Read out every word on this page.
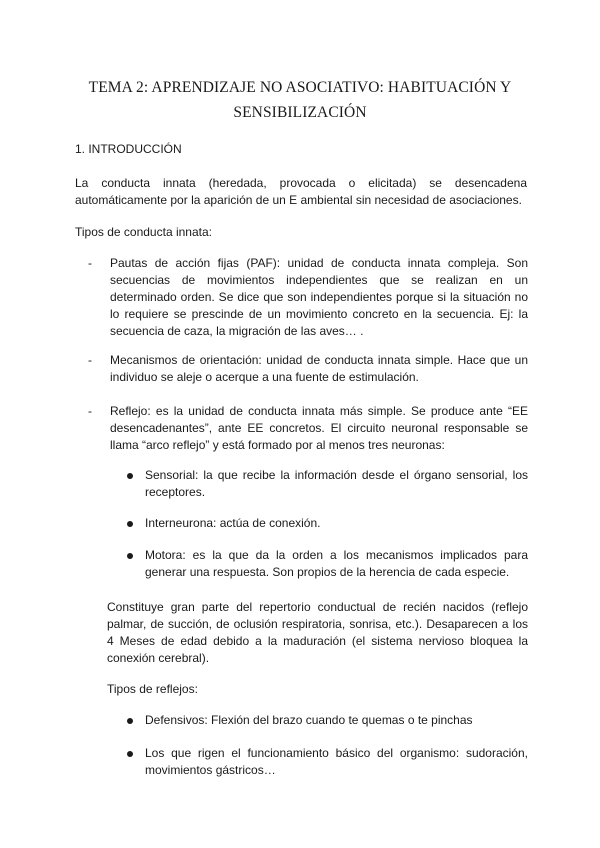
TEMA 2: APRENDIZAJE NO ASOCIATIVO: HABITUACIÓN Y
SENSIBILIZACIÓN
1. INTRODUCCIÓN
La conducta innata (heredada, provocada o elicitada) se desencadena automáticamente por la aparición de un E ambiental sin necesidad de asociaciones.
Tipos de conducta innata:
-	Pautas de acción fijas (PAF): unidad de conducta innata compleja. Son secuencias de movimientos independientes que se realizan en un determinado orden. Se dice que son independientes porque si la situación no lo requiere se prescinde de un movimiento concreto en la secuencia. Ej: la secuencia de caza, la migración de las aves… .
-	Mecanismos de orientación: unidad de conducta innata simple. Hace que un individuo se aleje o acerque a una fuente de estimulación.
-	Reflejo: es la unidad de conducta innata más simple. Se produce ante “EE desencadenantes”, ante EE concretos. El circuito neuronal responsable se llama “arco reflejo” y está formado por al menos tres neuronas:
Sensorial: la que recibe la información desde el órgano sensorial, los receptores.
Interneurona: actúa de conexión.
Motora: es la que da la orden a los mecanismos implicados para generar una respuesta. Son propios de la herencia de cada especie.
Constituye gran parte del repertorio conductual de recién nacidos (reflejo palmar, de succión, de oclusión respiratoria, sonrisa, etc.). Desaparecen a los 4 Meses de edad debido a la maduración (el sistema nervioso bloquea la conexión cerebral).
Tipos de reflejos:
Defensivos: Flexión del brazo cuando te quemas o te pinchas
Los que rigen el funcionamiento básico del organismo: sudoración, movimientos gástricos…
